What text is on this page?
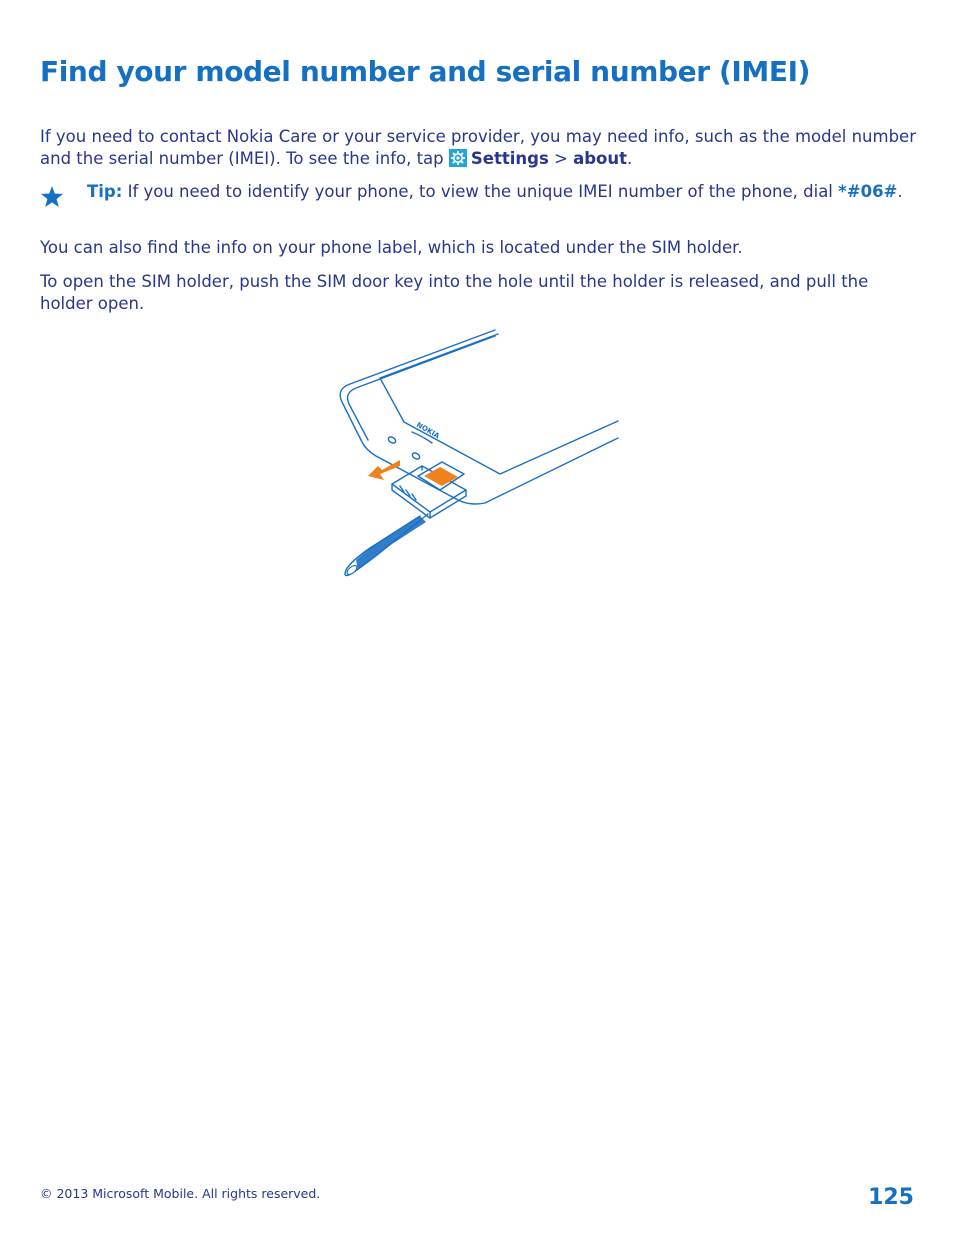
Find your model number and serial number (IMEI)

If you need to contact Nokia Care or your service provider, you may need info, such as the model number and the serial number (IMEI). To see the info, tap
Settings > about.

Tip: If you need to identify your phone, to view the unique IMEI number of the phone, dial *#06#.

You can also find the info on your phone label, which is located under the SIM holder.

To open the SIM holder, push the SIM door key into the hole until the holder is released, and pull the holder open.

NOKIA
© 2013 Microsoft Mobile. All rights reserved.	125
